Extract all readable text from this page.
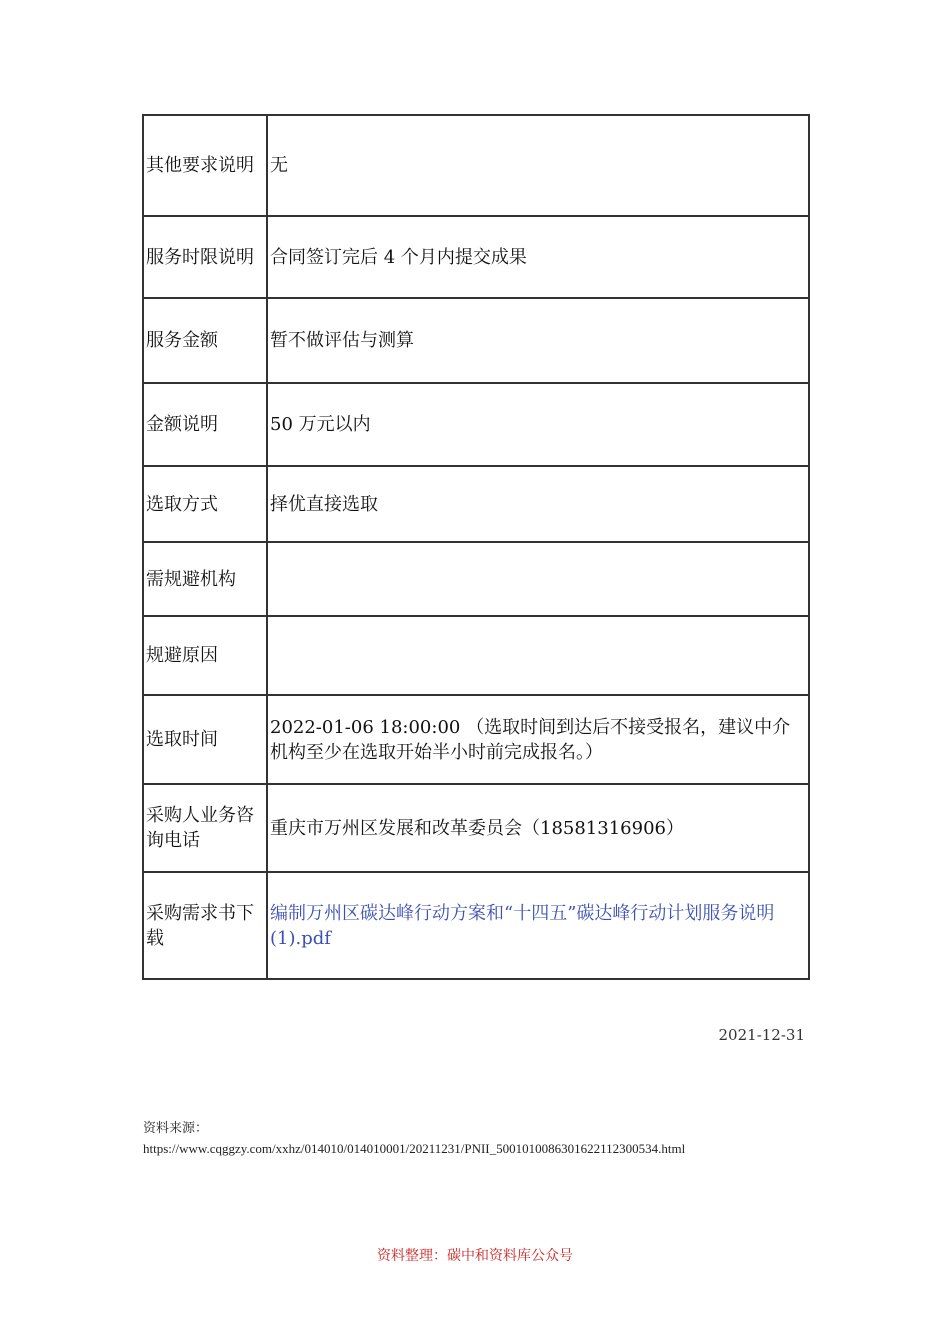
其他要求说明	无
服务时限说明	合同签订完后 4 个月内提交成果
服务金额	暂不做评估与测算
金额说明	50 万元以内
选取方式	择优直接选取
需规避机构	
规避原因	
选取时间	2022-01-06 18:00:00 （选取时间到达后不接受报名，建议中介机构至少在选取开始半小时前完成报名。）
采购人业务咨询电话	重庆市万州区发展和改革委员会（18581316906）
采购需求书下载	编制万州区碳达峰行动方案和“十四五”碳达峰行动计划服务说明(1).pdf
2021-12-31
资料来源：
https://www.cqggzy.com/xxhz/014010/014010001/20211231/PNII_5001010086301622112300534.html
资料整理：碳中和资料库公众号
